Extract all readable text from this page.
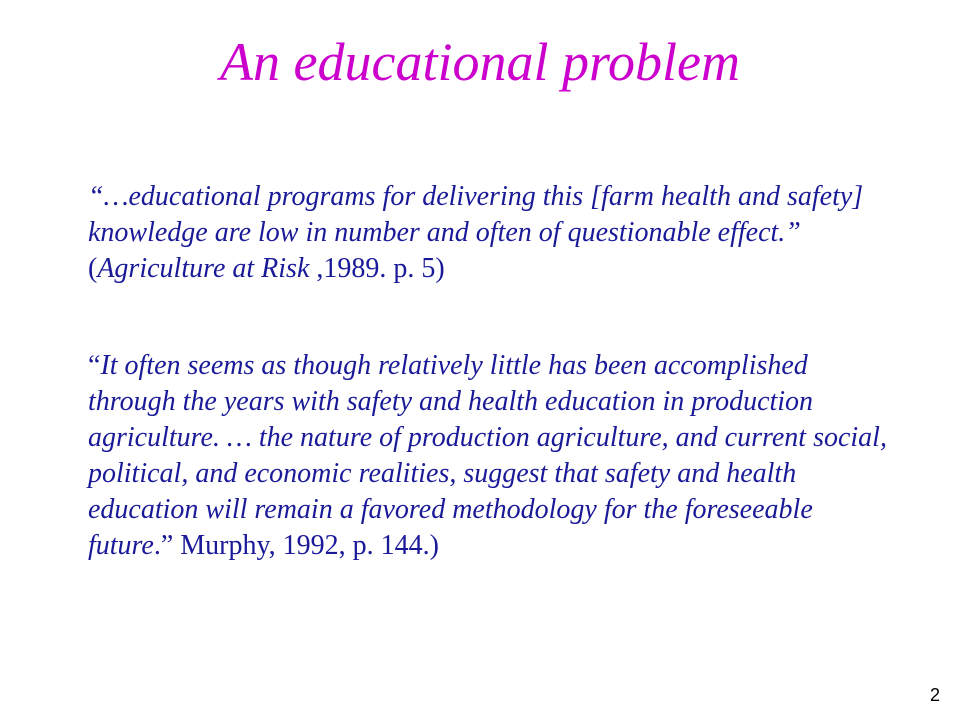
An educational problem

“…educational programs for delivering this [farm health and safety] knowledge are low in number and often of questionable effect.” (Agriculture at Risk ,1989. p. 5)

“It often seems as though relatively little has been accomplished through the years with safety and health education in production agriculture. … the nature of production agriculture, and current social, political, and economic realities, suggest that safety and health education will remain a favored methodology for the foreseeable future.” Murphy, 1992, p. 144.)

2
